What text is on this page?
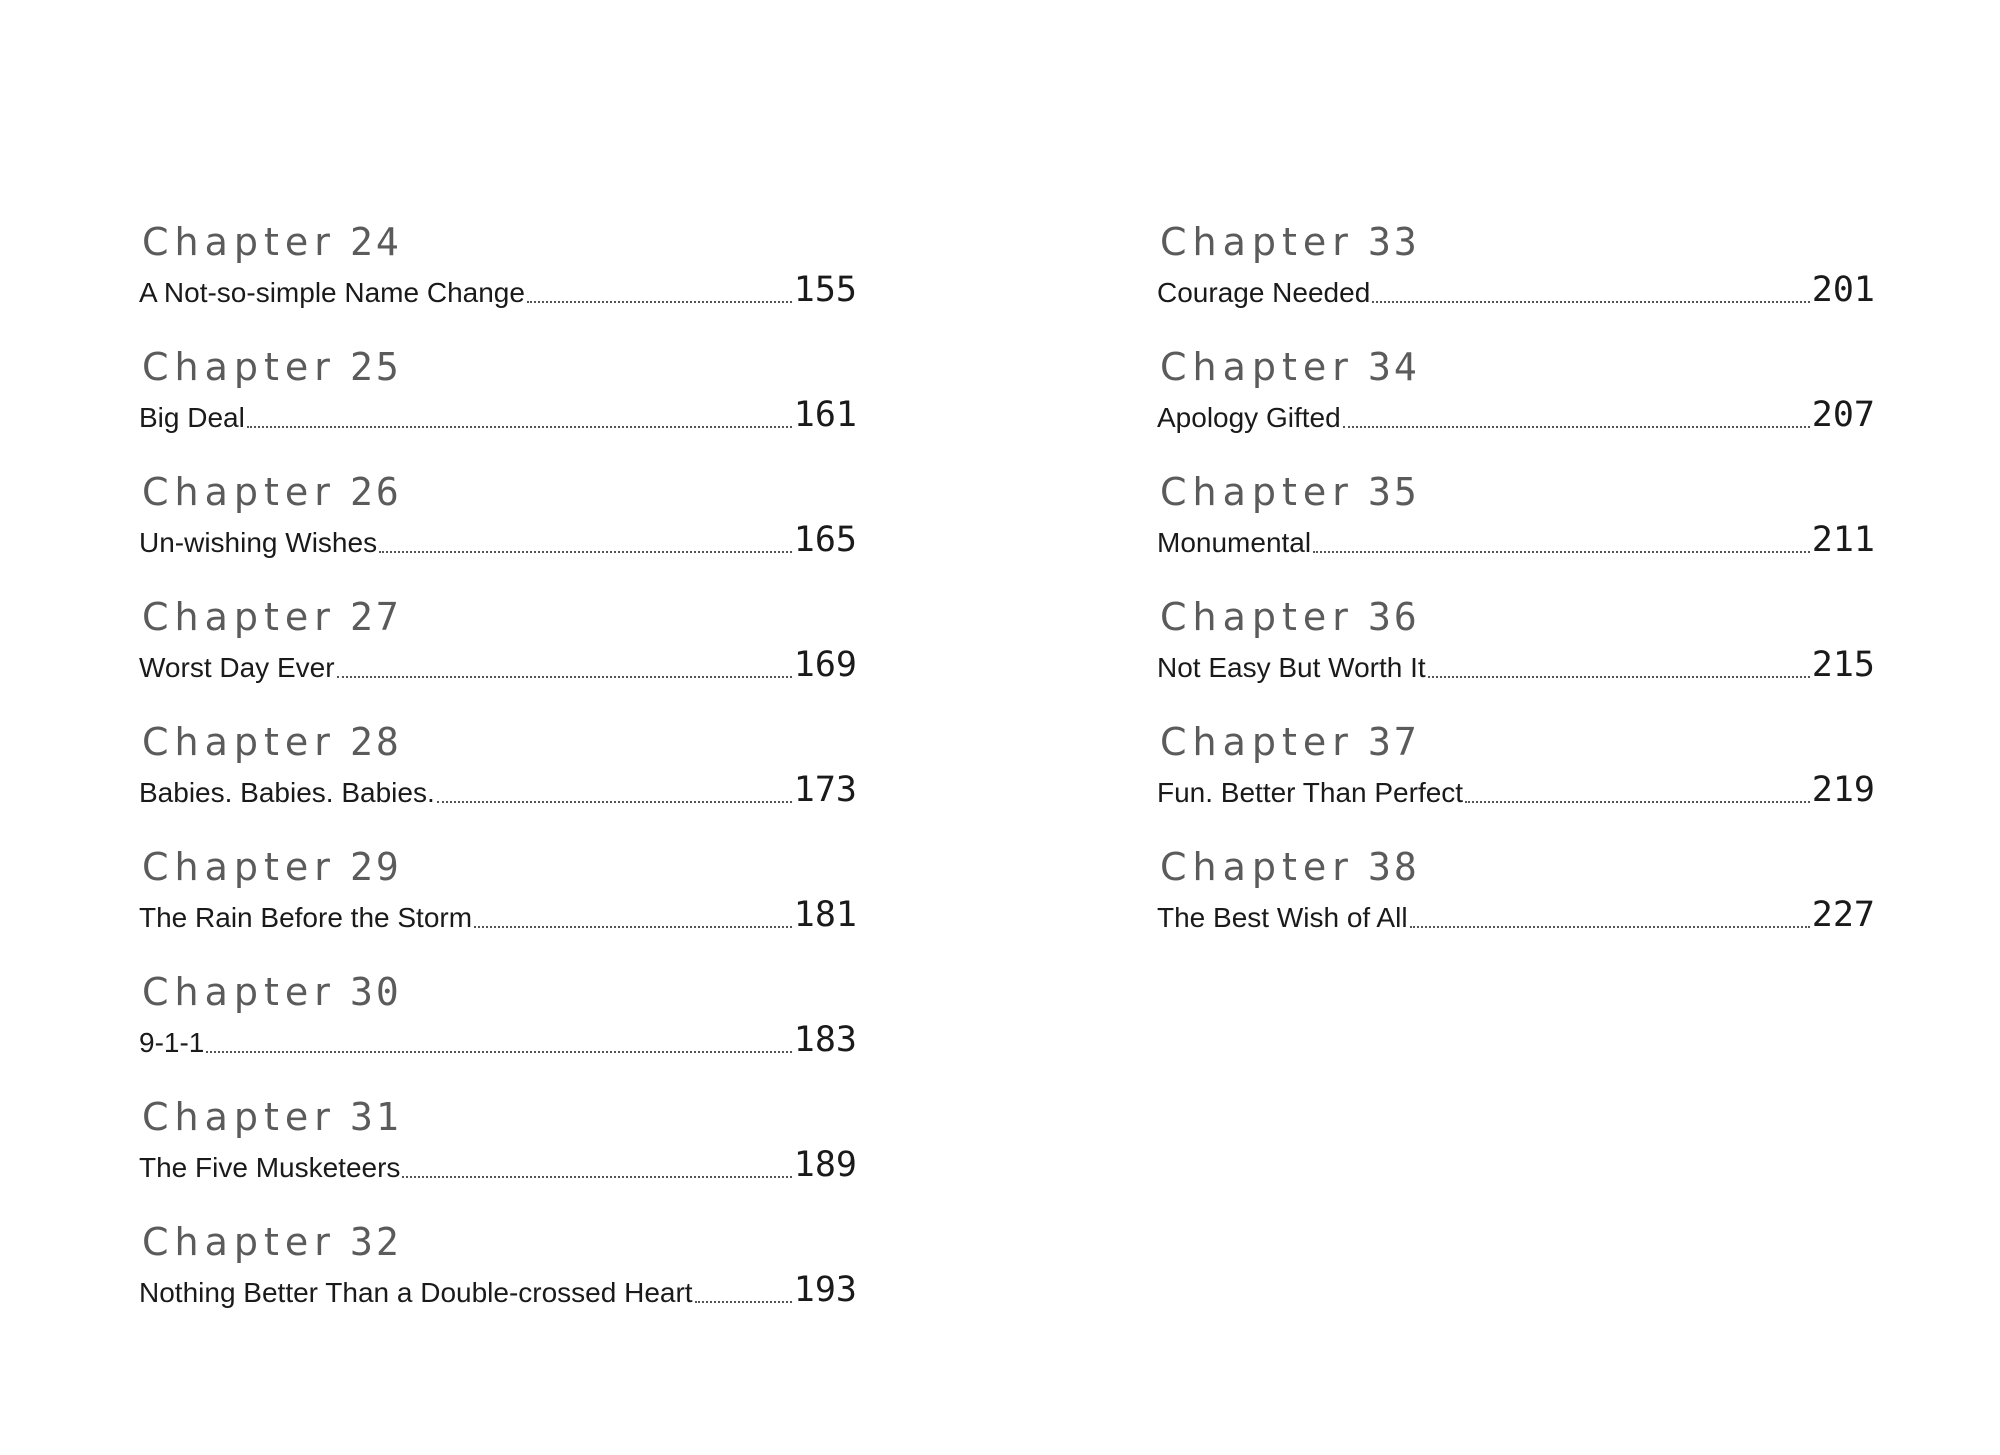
Chapter 24
A Not-so-simple Name Change	155
Chapter 25
Big Deal	161
Chapter 26
Un-wishing Wishes	165
Chapter 27
Worst Day Ever	169
Chapter 28
Babies. Babies. Babies.	173
Chapter 29
The Rain Before the Storm	181
Chapter 30
9-1-1	183
Chapter 31
The Five Musketeers	189
Chapter 32
Nothing Better Than a Double-crossed Heart	193
Chapter 33
Courage Needed	201
Chapter 34
Apology Gifted	207
Chapter 35
Monumental	211
Chapter 36
Not Easy But Worth It	215
Chapter 37
Fun. Better Than Perfect	219
Chapter 38
The Best Wish of All	227
